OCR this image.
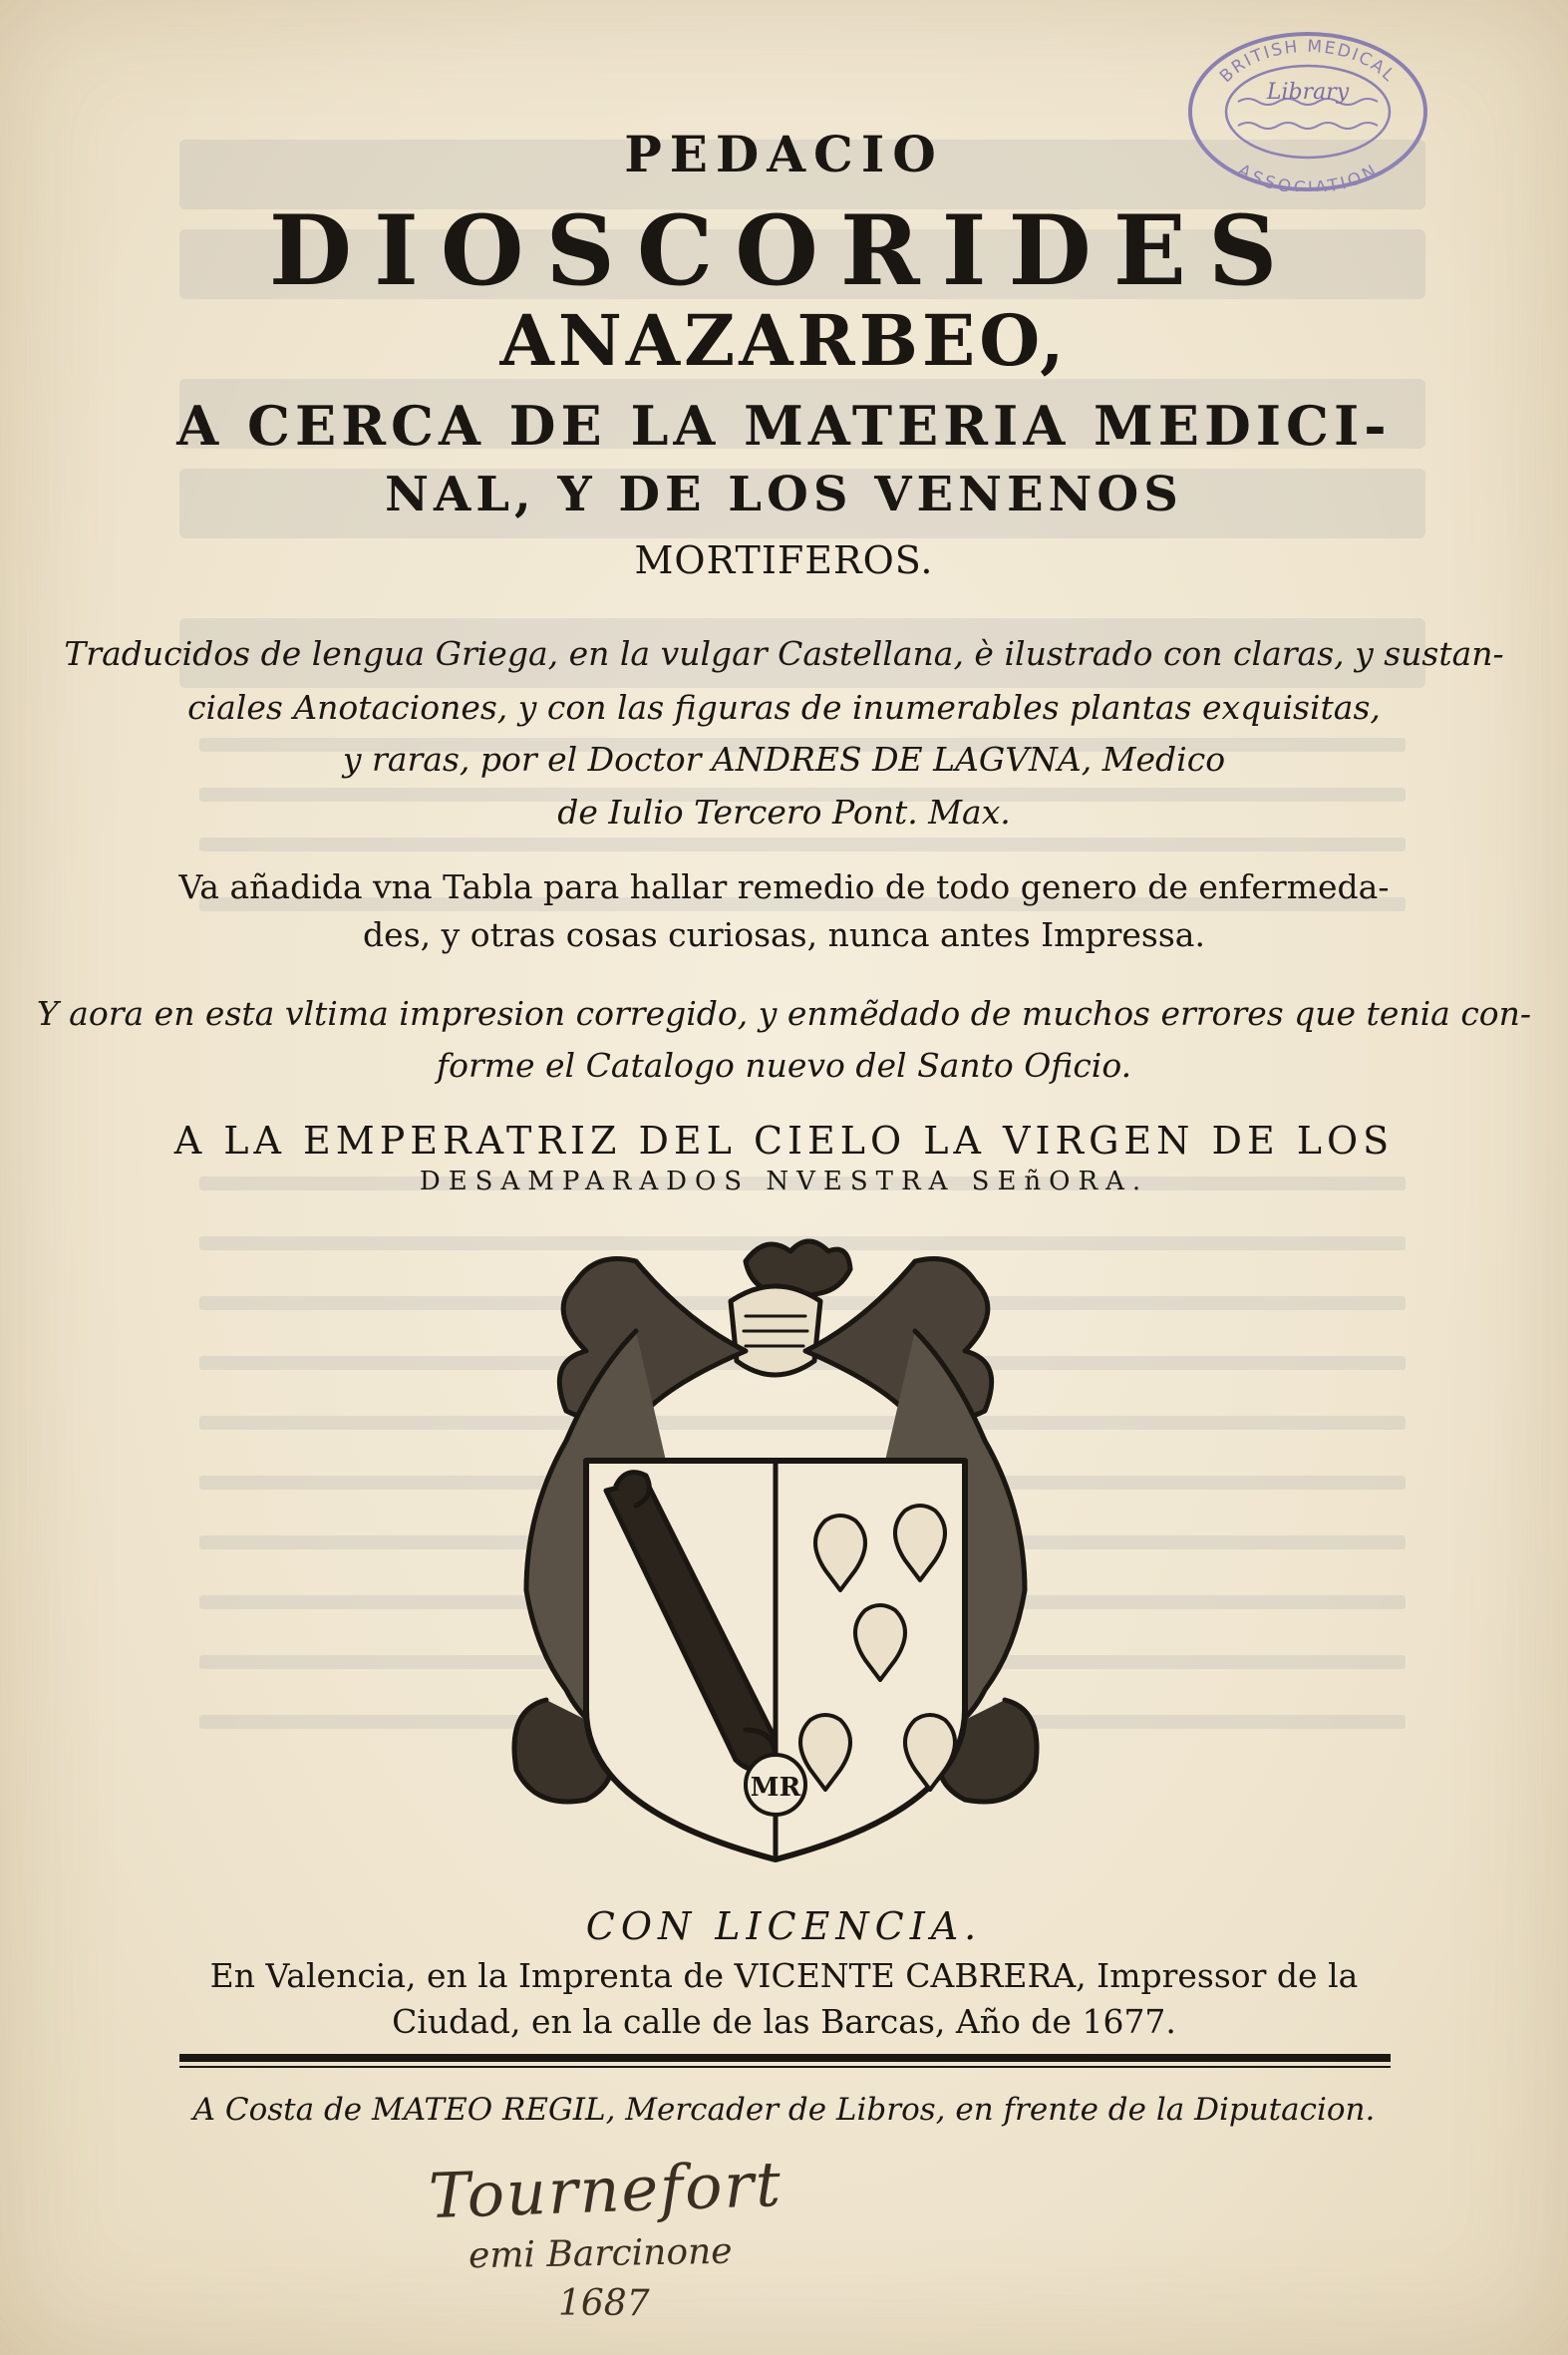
BRITISH MEDICAL
ASSOCIATION
Library
PEDACIO
DIOSCORIDES
ANAZARBEO,
A CERCA DE LA MATERIA MEDICI-
NAL, Y DE LOS VENENOS
MORTIFEROS.
Traducidos de lengua Griega, en la vulgar Castellana, è ilustrado con claras, y sustan-
ciales Anotaciones, y con las figuras de inumerables plantas exquisitas,
y raras, por el Doctor ANDRES DE LAGVNA, Medico
de Iulio Tercero Pont. Max.
Va añadida vna Tabla para hallar remedio de todo genero de enfermeda-
des, y otras cosas curiosas, nunca antes Impressa.
Y aora en esta vltima impresion corregido, y enmẽdado de muchos errores que tenia con-
forme el Catalogo nuevo del Santo Oficio.
A LA EMPERATRIZ DEL CIELO LA VIRGEN DE LOS
DESAMPARADOS NVESTRA SEñORA.
MR
CON LICENCIA.
En Valencia, en la Imprenta de VICENTE CABRERA, Impressor de la
Ciudad, en la calle de las Barcas, Año de 1677.
A Costa de MATEO REGIL, Mercader de Libros, en frente de la Diputacion.
Tournefort
emi Barcinone
1687
